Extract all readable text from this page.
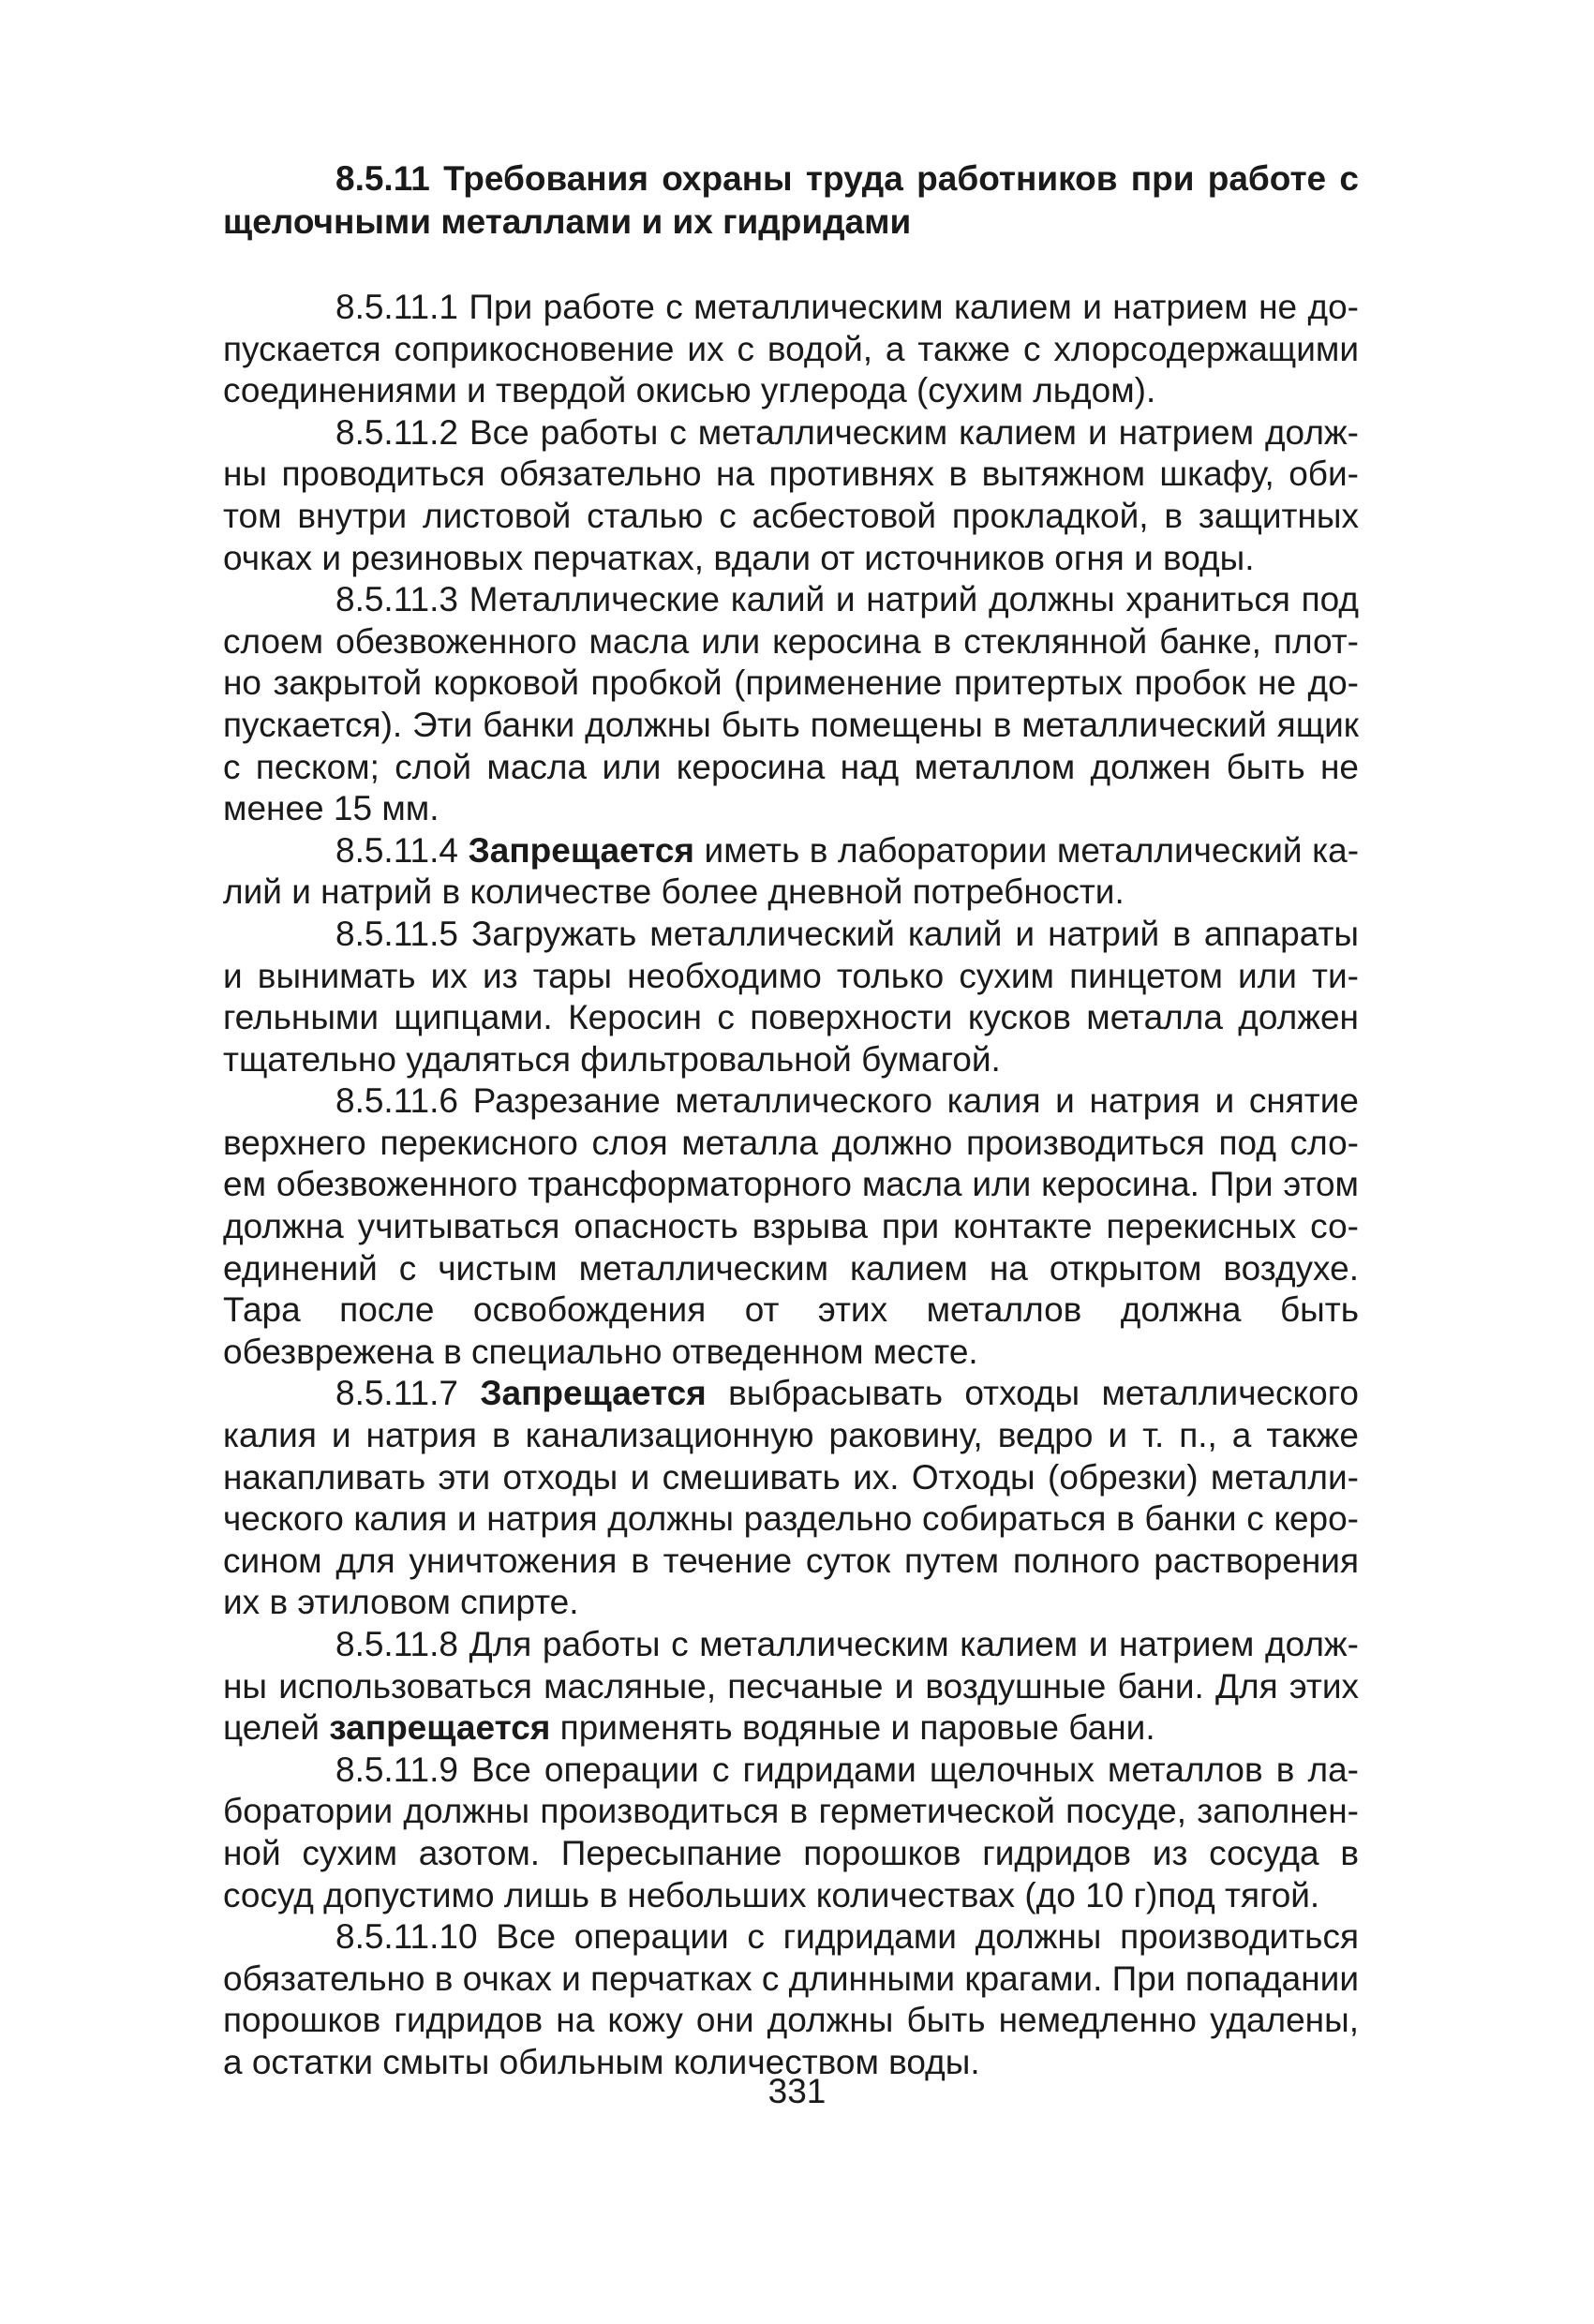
8.5.11 Требования охраны труда работников при работе с щелочными металлами и их гидридами

8.5.11.1 При работе с металлическим калием и натрием не допускается соприкосновение их с водой, а также с хлорсодержащими соединениями и твердой окисью углерода (сухим льдом).

8.5.11.2 Все работы с металлическим калием и натрием должны проводиться обязательно на противнях в вытяжном шкафу, обитом внутри листовой сталью с асбестовой прокладкой, в защитных очках и резиновых перчатках, вдали от источников огня и воды.

8.5.11.3 Металлические калий и натрий должны храниться под слоем обезвоженного масла или керосина в стеклянной банке, плотно закрытой корковой пробкой (применение притертых пробок не допускается). Эти банки должны быть помещены в металлический ящик с песком; слой масла или керосина над металлом должен быть не менее 15 мм.

8.5.11.4 Запрещается иметь в лаборатории металлический калий и натрий в количестве более дневной потребности.

8.5.11.5 Загружать металлический калий и натрий в аппараты и вынимать их из тары необходимо только сухим пинцетом или тигельными щипцами. Керосин с поверхности кусков металла должен тщательно удаляться фильтровальной бумагой.

8.5.11.6 Разрезание металлического калия и натрия и снятие верхнего перекисного слоя металла должно производиться под слоем обезвоженного трансформаторного масла или керосина. При этом должна учитываться опасность взрыва при контакте перекисных соединений с чистым металлическим калием на открытом воздухе. Тара после освобождения от этих металлов должна быть обезврежена в специально отведенном месте.

8.5.11.7 Запрещается выбрасывать отходы металлического калия и натрия в канализационную раковину, ведро и т. п., а также накапливать эти отходы и смешивать их. Отходы (обрезки) металлического калия и натрия должны раздельно собираться в банки с керосином для уничтожения в течение суток путем полного растворения их в этиловом спирте.

8.5.11.8 Для работы с металлическим калием и натрием должны использоваться масляные, песчаные и воздушные бани. Для этих целей запрещается применять водяные и паровые бани.

8.5.11.9 Все операции с гидридами щелочных металлов в лаборатории должны производиться в герметической посуде, заполненной сухим азотом. Пересыпание порошков гидридов из сосуда в сосуд допустимо лишь в небольших количествах (до 10 г)под тягой.

8.5.11.10 Все операции с гидридами должны производиться обязательно в очках и перчатках с длинными крагами. При попадании порошков гидридов на кожу они должны быть немедленно удалены, а остатки смыты обильным количеством воды.

331
